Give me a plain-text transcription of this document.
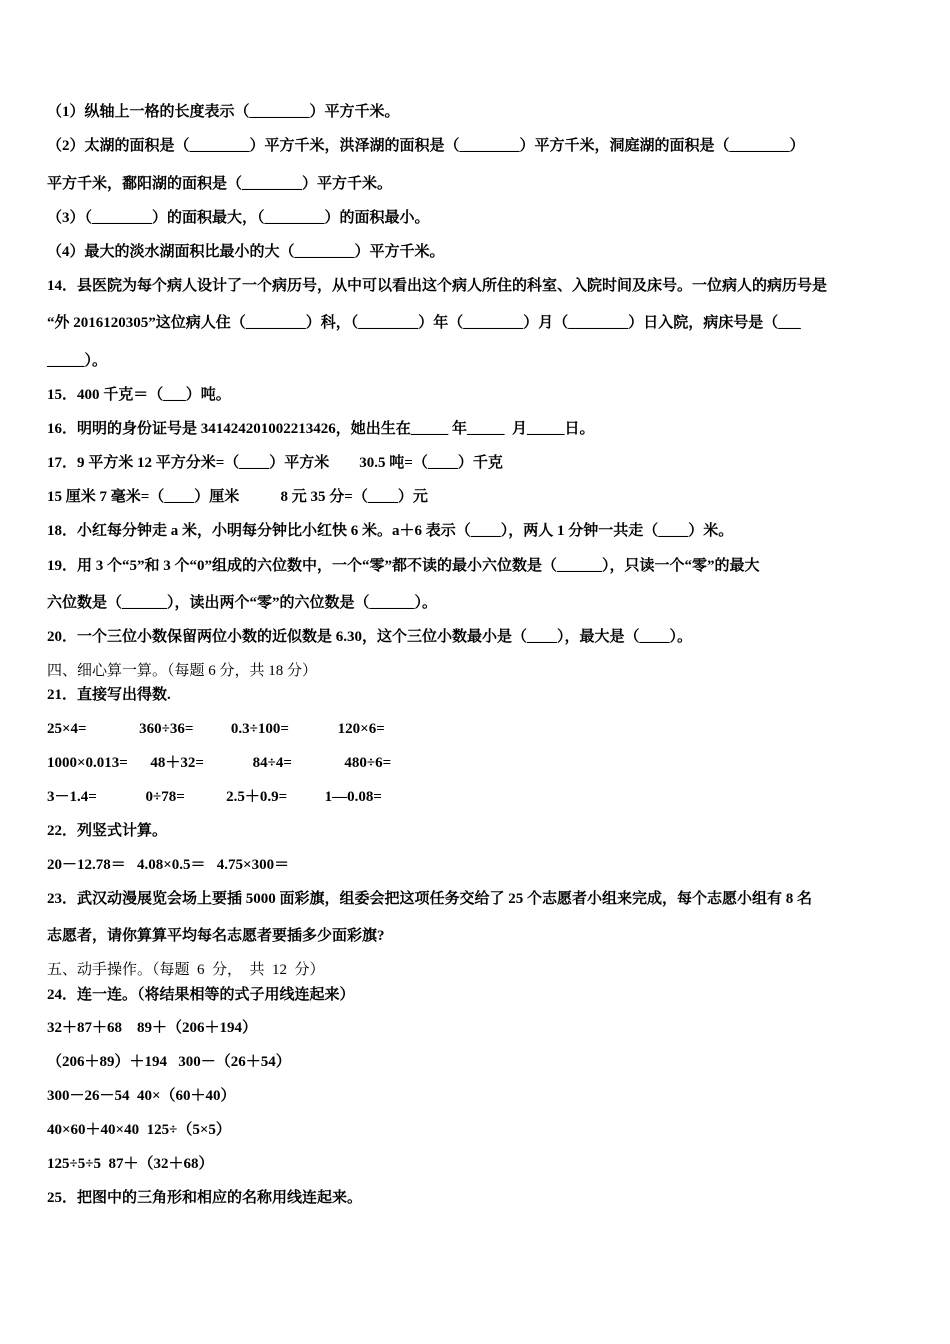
（1）纵轴上一格的长度表示（________）平方千米。
（2）太湖的面积是（________）平方千米，洪泽湖的面积是（________）平方千米，洞庭湖的面积是（________）
平方千米，鄱阳湖的面积是（________）平方千米。
（3）（________）的面积最大，（________）的面积最小。
（4）最大的淡水湖面积比最小的大（________）平方千米。
14．县医院为每个病人设计了一个病历号，从中可以看出这个病人所住的科室、入院时间及床号。一位病人的病历号是
“外 2016120305”这位病人住（________）科，（________）年（________）月（________）日入院，病床号是（___
_____）。
15．400 千克＝（___）吨。
16．明明的身份证号是 341424201002213426，她出生在_____ 年_____  月_____日。
17．9 平方米 12 平方分米=（____）平方米        30.5 吨=（____）千克
15 厘米 7 毫米=（____）厘米           8 元 35 分=（____）元
18．小红每分钟走 a 米，小明每分钟比小红快 6 米。a＋6 表示（____），两人 1 分钟一共走（____）米。
19．用 3 个“5”和 3 个“0”组成的六位数中，一个“零”都不读的最小六位数是（______），只读一个“零”的最大
六位数是（______），读出两个“零”的六位数是（______）。
20．一个三位小数保留两位小数的近似数是 6.30，这个三位小数最小是（____），最大是（____）。
四、细心算一算。（每题 6 分，共 18 分）
21．直接写出得数.
25×4=              360÷36=          0.3÷100=             120×6=
1000×0.013=      48＋32=             84÷4=              480÷6=
3－1.4=             0÷78=           2.5＋0.9=          1—0.08=
22．列竖式计算。
20－12.78＝   4.08×0.5＝   4.75×300＝
23．武汉动漫展览会场上要插 5000 面彩旗，组委会把这项任务交给了 25 个志愿者小组来完成，每个志愿小组有 8 名
志愿者，请你算算平均每名志愿者要插多少面彩旗?
五、动手操作。（每题  6  分，  共  12  分）
24．连一连。（将结果相等的式子用线连起来）
32＋87＋68    89＋（206＋194）
（206＋89）＋194   300－（26＋54）
300－26－54  40×（60＋40）
40×60＋40×40  125÷（5×5）
125÷5÷5  87＋（32＋68）
25．把图中的三角形和相应的名称用线连起来。
